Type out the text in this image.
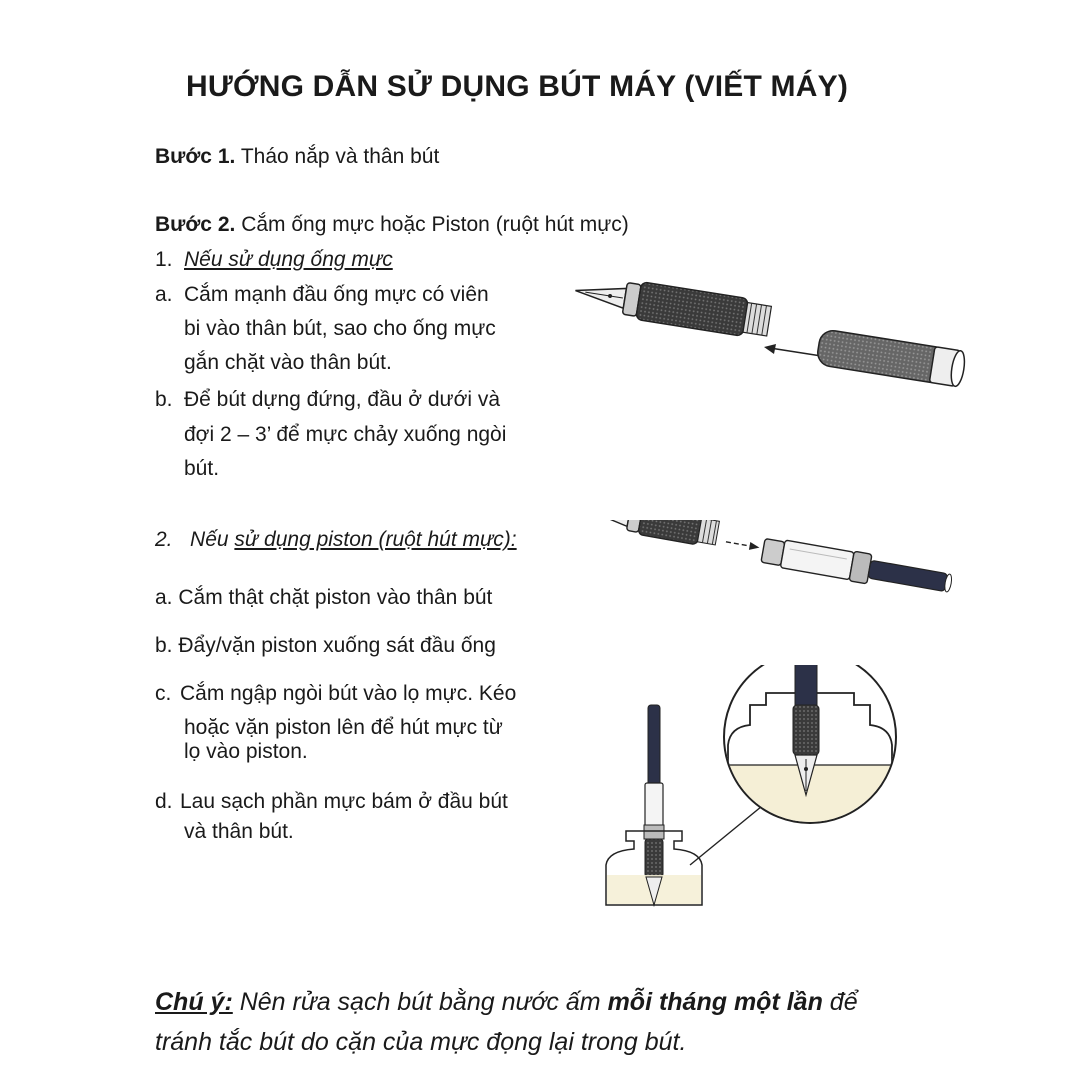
HƯỚNG DẪN SỬ DỤNG BÚT MÁY (VIẾT MÁY)
Bước 1. Tháo nắp và thân bút
Bước 2. Cắm ống mực hoặc Piston (ruột hút mực)
1. Nếu sử dụng ống mực
a. Cắm mạnh đầu ống mực có viên
bi vào thân bút, sao cho ống mực
gắn chặt vào thân bút.
b. Để bút dựng đứng, đầu ở dưới và
đợi 2 – 3’ để mực chảy xuống ngòi
bút.
2. Nếu sử dụng piston (ruột hút mực):
a. Cắm thật chặt piston vào thân bút
b. Đẩy/vặn piston xuống sát đầu ống
c. Cắm ngập ngòi bút vào lọ mực. Kéo
hoặc vặn piston lên để hút mực từ
lọ vào piston.
d. Lau sạch phần mực bám ở đầu bút
và thân bút.
Chú ý: Nên rửa sạch bút bằng nước ấm mỗi tháng một lần để
tránh tắc bút do cặn của mực đọng lại trong bút.
